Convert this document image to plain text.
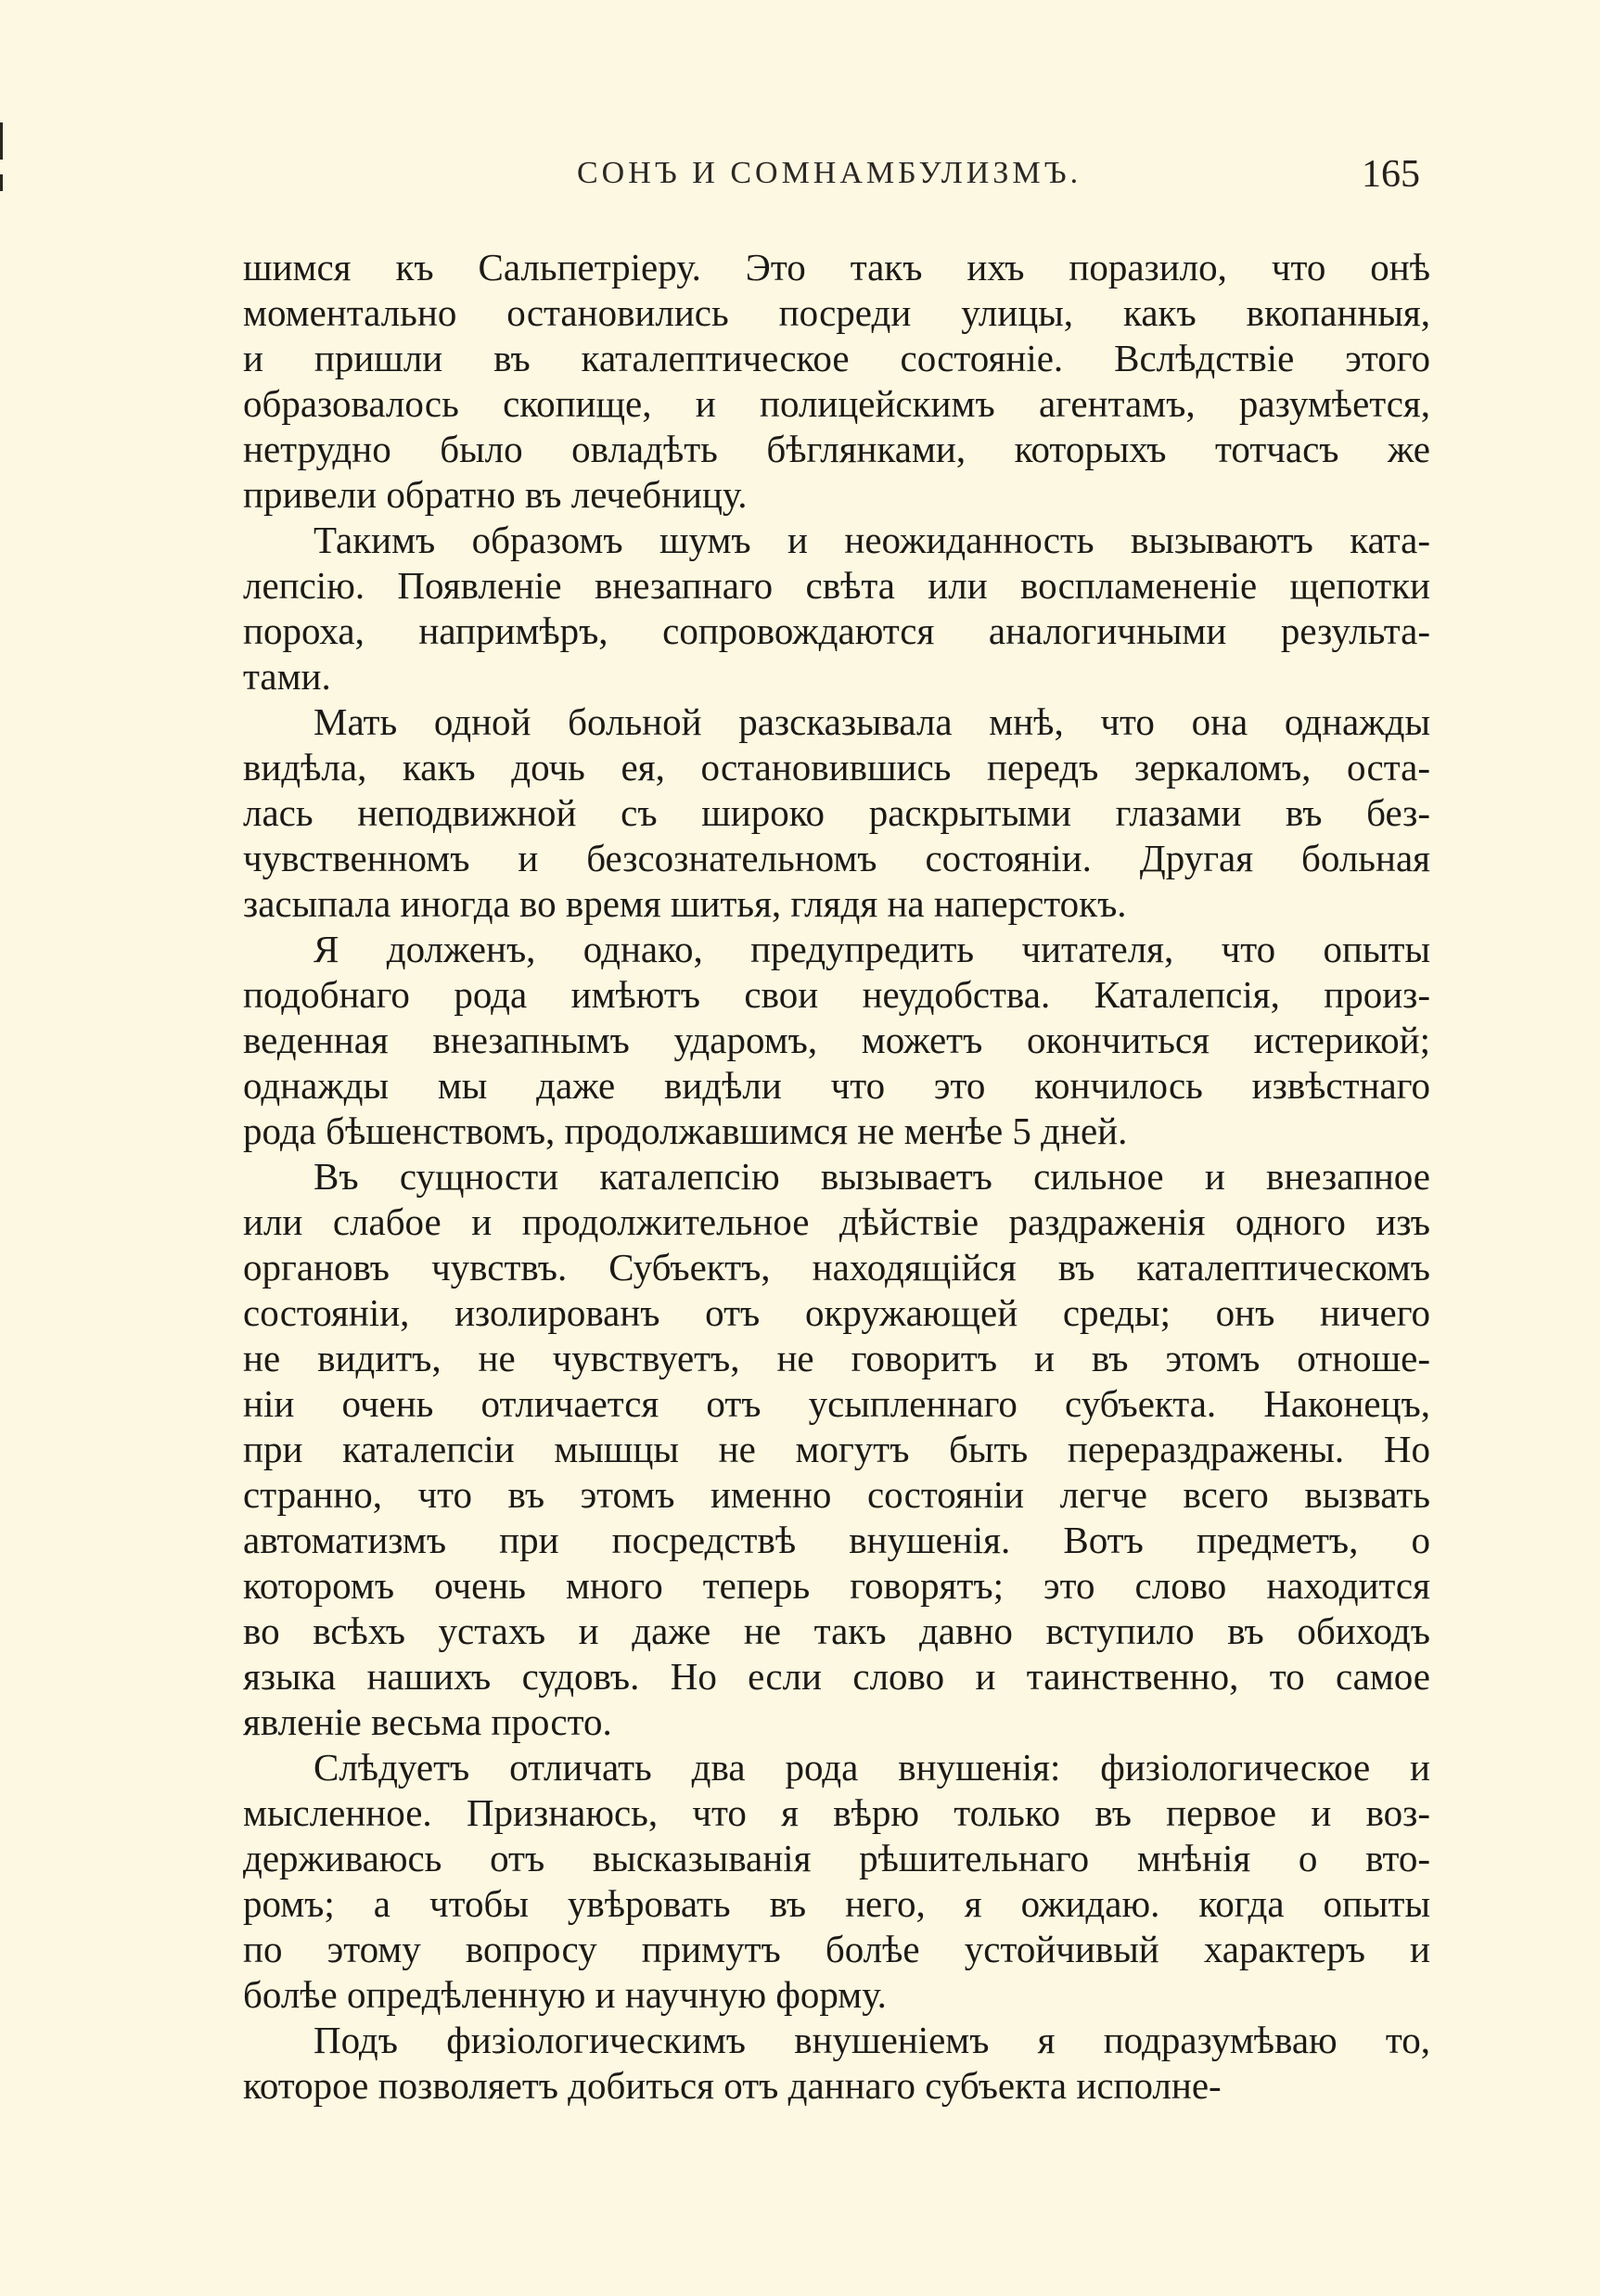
СОНЪ И СОМНАМБУЛИЗМЪ.	165
шимся къ Сальпетріеру. Это такъ ихъ поразило, что онѣ
моментально остановились посреди улицы, какъ вкопанныя,
и пришли въ каталептическое состояніе. Вслѣдствіе этого
образовалось скопище, и полицейскимъ агентамъ, разумѣется,
нетрудно было овладѣть бѣглянками, которыхъ тотчасъ же
привели обратно въ лечебницу.
Такимъ образомъ шумъ и неожиданность вызываютъ ката-
лепсію. Появленіе внезапнаго свѣта или воспламененіе щепотки
пороха, напримѣръ, сопровождаются аналогичными результа-
тами.
Мать одной больной разсказывала мнѣ, что она однажды
видѣла, какъ дочь ея, остановившись передъ зеркаломъ, оста-
лась неподвижной съ широко раскрытыми глазами въ без-
чувственномъ и безсознательномъ состояніи. Другая больная
засыпала иногда во время шитья, глядя на наперстокъ.
Я долженъ, однако, предупредить читателя, что опыты
подобнаго рода имѣютъ свои неудобства. Каталепсія, произ-
веденная внезапнымъ ударомъ, можетъ окончиться истерикой;
однажды мы даже видѣли что это кончилось извѣстнаго
рода бѣшенствомъ, продолжавшимся не менѣе 5 дней.
Въ сущности каталепсію вызываетъ сильное и внезапное
или слабое и продолжительное дѣйствіе раздраженія одного изъ
органовъ чувствъ. Субъектъ, находящійся въ каталептическомъ
состояніи, изолированъ отъ окружающей среды; онъ ничего
не видитъ, не чувствуетъ, не говоритъ и въ этомъ отноше-
ніи очень отличается отъ усыпленнаго субъекта. Наконецъ,
при каталепсіи мышцы не могутъ быть перераздражены. Но
странно, что въ этомъ именно состояніи легче всего вызвать
автоматизмъ при посредствѣ внушенія. Вотъ предметъ, о
которомъ очень много теперь говорятъ; это слово находится
во всѣхъ устахъ и даже не такъ давно вступило въ обиходъ
языка нашихъ судовъ. Но если слово и таинственно, то самое
явленіе весьма просто.
Слѣдуетъ отличать два рода внушенія: физіологическое и
мысленное. Признаюсь, что я вѣрю только въ первое и воз-
держиваюсь отъ высказыванія рѣшительнаго мнѣнія о вто-
ромъ; а чтобы увѣровать въ него, я ожидаю. когда опыты
по этому вопросу примутъ болѣе устойчивый характеръ и
болѣе опредѣленную и научную форму.
Подъ физіологическимъ внушеніемъ я подразумѣваю то,
которое позволяетъ добиться отъ даннаго субъекта исполне-
